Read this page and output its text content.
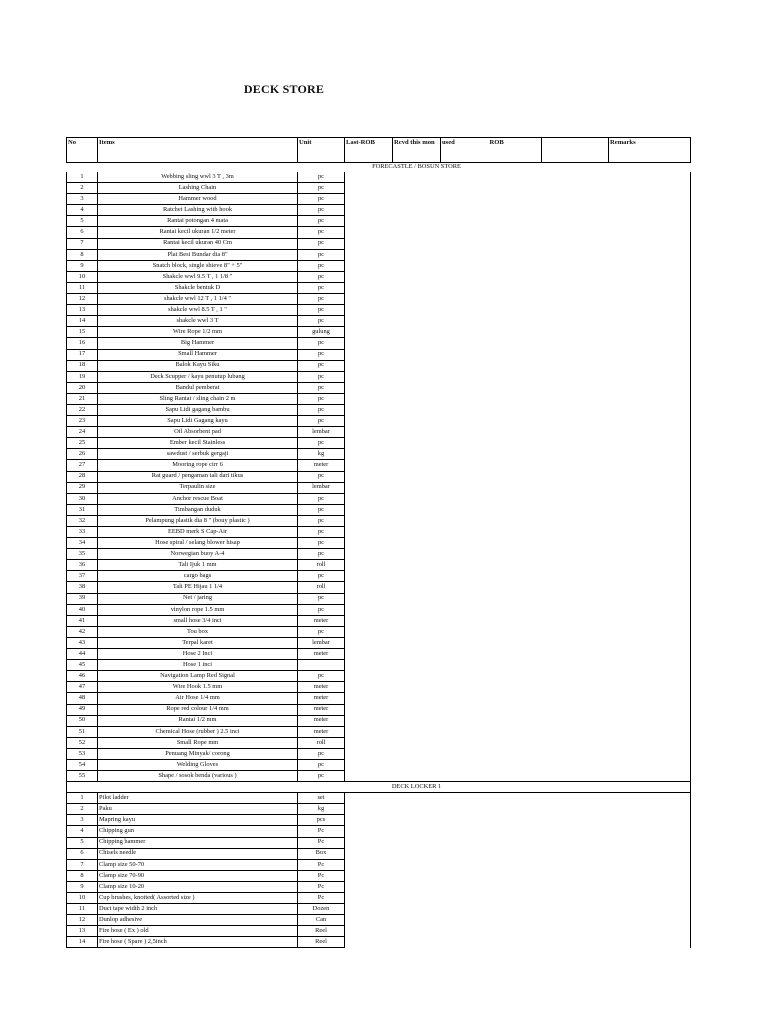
DECK STORE
No	Items	Unit	Last-ROB	Rcvd this mon	used	ROB		Remarks
			FORECASTLE / BOSUN STORE					
1	Webbing sling wwl 3 T , 3m	pc						
2	Lashing Chain	pc						
3	Hammer wood	pc						
4	Ratchet Lashing with hook	pc						
5	Rantai potongan 4 mata	pc						
6	Rantai kecil ukuran 1/2 meter	pc						
7	Rantai kecil ukuran 40 Cm	pc						
8	Plat Besi Bundar dia 8"	pc						
9	Snatch block, single shieve 8" + 5"	pc						
10	Shakcle wwl 9.5 T , 1 1/8 "	pc						
11	Shakcle bentuk D	pc						
12	shakcle wwl 12 T , 1 1/4 "	pc						
13	shakcle wwl 8.5 T , 1 "	pc						
14	shakcle wwl 3 T	pc						
15	Wire Rope 1/2 mm	gulung						
16	Big Hammer	pc						
17	Small Hammer	pc						
18	Balok Kayu Siku	pc						
19	Deck Scupper / kayu penutup lubang	pc						
20	Bandul pemberat	pc						
21	Sling Rantai / sling chain 2 m	pc						
22	Sapu Lidi gagang bambu	pc						
23	Sapu Lidi Gagang kayu	pc						
24	Oil Absorbent pad	lembar						
25	Ember kecil Stainless	pc						
26	sawdust / serbuk gergaji	kg						
27	Mooring rope cirr 6	meter						
28	Rat guard / pengaman tali dari tikus	pc						
29	Terpaulin size	lembar						
30	Anchor rescue Boat	pc						
31	Timbangan duduk	pc						
32	Pelampung plastik dia 8 " (bouy plastic )	pc						
33	EEBD merk S Cap-Air	pc						
34	Hose spiral / selang blower hisap	pc						
35	Norwegian buoy A-4	pc						
36	Tali Ijuk 1 mm	roll						
37	cargo bags	pc						
38	Tali PE Hijau 1 1/4	roll						
39	Net / jaring	pc						
40	vinylon rope 1.5 mm	pc						
41	small hose 3/4 inci	meter						
42	Tou box	pc						
43	Terpal karet	lembar						
44	Hose 2 Inci	meter						
45	Hose 1 inci							
46	Navigation Lamp Red Signal	pc						
47	Wire Hook 1.5 mm	meter						
48	Air Hose 1/4 mm	meter						
49	Rope red colour 1/4 mm	meter						
50	Rantai 1/2 mm	meter						
51	Chemical Hose (rubber ) 2.5 inci	meter						
52	Small Rope mm	roll						
53	Penuang Minyak/ corong	pc						
54	Welding Gloves	pc						
55	Shape / sosok benda (various )	pc						
			DECK LOCKER 1					
1	Pilot ladder	set						
2	Paku	kg						
3	Mapring kayu	pcs						
4	Chipping gun	Pc						
5	Chipping hammer	Pc						
6	Chisels needle	Box						
7	Clamp size 50-70	Pc						
8	Clamp size 70-90	Pc						
9	Clamp size 10-20	Pc						
10	Cup brushes, knotted( Assorted size )	Pc						
11	Duct tape width 2 inch	Dozen						
12	Dunlop adhesive	Can						
13	Fire hose ( Ex ) old	Reel						
14	Fire hose ( Spare ) 2,5inch	Reel						
